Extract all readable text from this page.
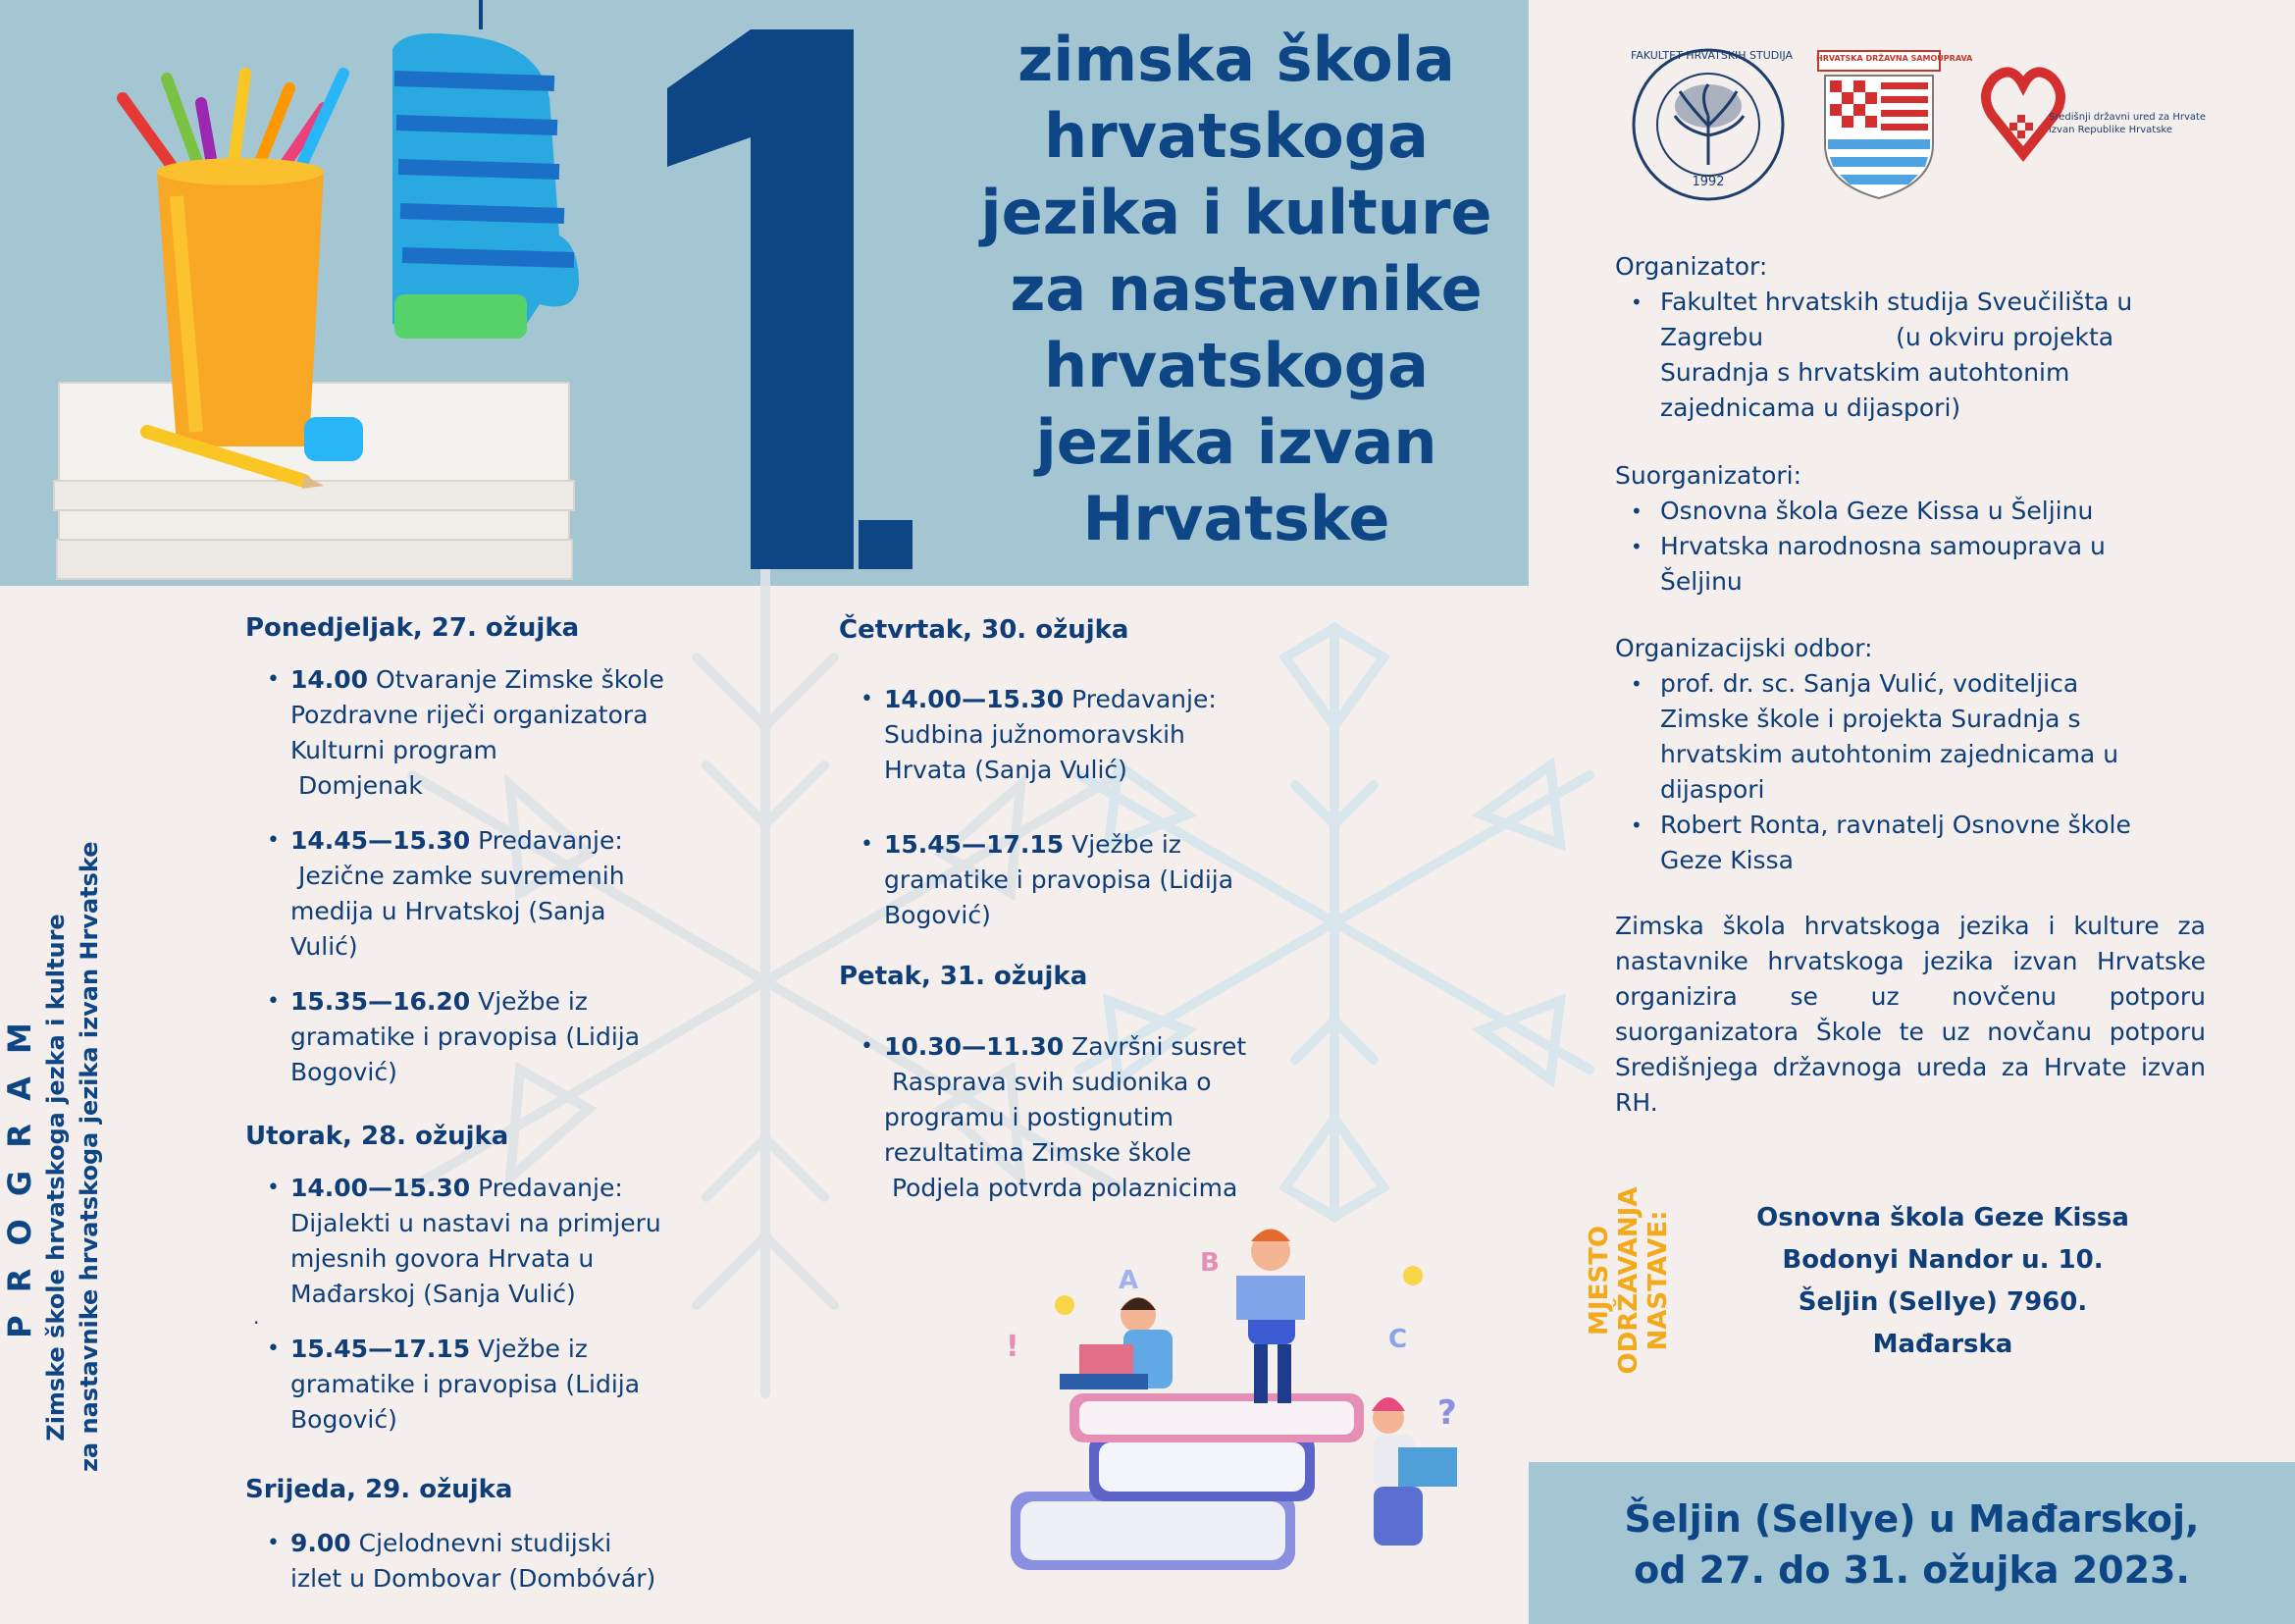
zimska škola
hrvatskoga
jezika i kulture
za nastavnike
hrvatskoga
jezika izvan
Hrvatske
FAKULTET HRVATSKIH STUDIJA
1992
HRVATSKA DRŽAVNA SAMOUPRAVA
Središnji državni ured za Hrvate
izvan Republike Hrvatske
P R O G R A M Zimske škole hrvatskoga jezka i kulture za nastavnike hrvatskoga jezika izvan Hrvatske
Ponedjeljak, 27. ožujka
• 14.00 Otvaranje Zimske škole
Pozdravne riječi organizatora
Kulturni program
Domjenak
• 14.45—15.30 Predavanje:
Jezične zamke suvremenih
medija u Hrvatskoj (Sanja
Vulić)
• 15.35—16.20 Vježbe iz
gramatike i pravopisa (Lidija
Bogović)
Utorak, 28. ožujka
• 14.00—15.30 Predavanje:
Dijalekti u nastavi na primjeru
mjesnih govora Hrvata u
Mađarskoj (Sanja Vulić)
• 15.45—17.15 Vježbe iz
gramatike i pravopisa (Lidija
Bogović)
.
Srijeda, 29. ožujka
• 9.00 Cjelodnevni studijski
izlet u Dombovar (Dombóvár)
Četvrtak, 30. ožujka
• 14.00—15.30 Predavanje:
Sudbina južnomoravskih
Hrvata (Sanja Vulić)
• 15.45—17.15 Vježbe iz
gramatike i pravopisa (Lidija
Bogović)
Petak, 31. ožujka
• 10.30—11.30 Završni susret
Rasprava svih sudionika o
programu i postignutim
rezultatima Zimske škole
Podjela potvrda polaznicima
A
B
C
?
!
Organizator:
• Fakultet hrvatskih studija Sveučilišta u
Zagrebu	(u okviru projekta
Suradnja s hrvatskim autohtonim
zajednicama u dijaspori)
Suorganizatori:
• Osnovna škola Geze Kissa u Šeljinu
• Hrvatska narodnosna samouprava u
Šeljinu
Organizacijski odbor:
• prof. dr. sc. Sanja Vulić, voditeljica
Zimske škole i projekta Suradnja s
hrvatskim autohtonim zajednicama u
dijaspori
• Robert Ronta, ravnatelj Osnovne škole
Geze Kissa
Zimska škola hrvatskoga jezika i kulture za nastavnike hrvatskoga jezika izvan Hrvatske organizira se uz novčenu potporu suorganizatora Škole te uz novčanu potporu Središnjega državnoga ureda za Hrvate izvan RH.
MJESTO ODRŽAVANJA NASTAVE:	Osnovna škola Geze Kissa
Bodonyi Nandor u. 10.
Šeljin (Sellye) 7960.
Mađarska
Šeljin (Sellye) u Mađarskoj,
od 27. do 31. ožujka 2023.
